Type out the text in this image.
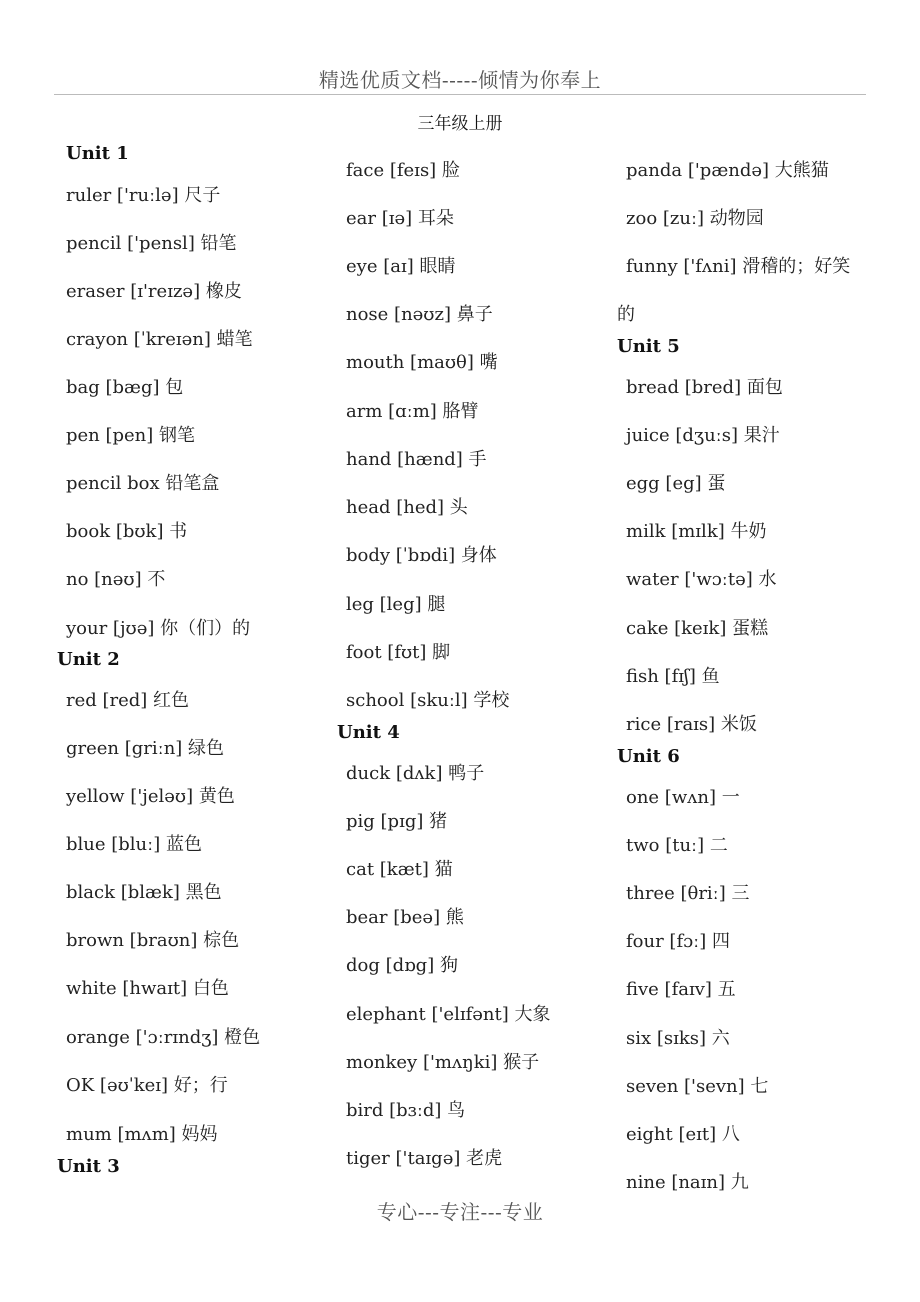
精选优质文档-----倾情为你奉上
三年级上册
Unit 1
ruler ['ruːlə] 尺子
pencil ['pensl] 铅笔
eraser [ɪ'reɪzə] 橡皮
crayon [ˈkreɪən] 蜡笔
bag [bæg] 包
pen [pen] 钢笔
pencil box 铅笔盒
book [bʊk] 书
no [nəʊ] 不
your [jʊə] 你（们）的
Unit 2
red [red] 红色
green [griːn] 绿色
yellow ['jeləʊ] 黄色
blue [bluː] 蓝色
black [blæk] 黑色
brown [braʊn] 棕色
white [hwaɪt] 白色
orange ['ɔːrɪndʒ] 橙色
OK [əʊˈkeɪ] 好；行
mum [mʌm] 妈妈
Unit 3
face [feɪs] 脸
ear [ɪə] 耳朵
eye [aɪ] 眼睛
nose [nəʊz] 鼻子
mouth [maʊθ] 嘴
arm [ɑːm] 胳臂
hand [hænd] 手
head [hed] 头
body [ˈbɒdi] 身体
leg [leg] 腿
foot [fʊt] 脚
school [skuːl] 学校
Unit 4
duck [dʌk] 鸭子
pig [pɪg] 猪
cat [kæt] 猫
bear [beə] 熊
dog [dɒg] 狗
elephant ['elɪfənt] 大象
monkey ['mʌŋki] 猴子
bird [bɜːd] 鸟
tiger ['taɪgə] 老虎
panda ['pændə] 大熊猫
zoo [zuː] 动物园
funny ['fʌni] 滑稽的；好笑
的
Unit 5
bread [bred] 面包
juice [dʒuːs] 果汁
egg [eg] 蛋
milk [mɪlk] 牛奶
water ['wɔːtə] 水
cake [keɪk] 蛋糕
fish [fɪʃ] 鱼
rice [raɪs] 米饭
Unit 6
one [wʌn] 一
two [tuː] 二
three [θriː] 三
four [fɔː] 四
five [faɪv] 五
six [sɪks] 六
seven ['sevn] 七
eight [eɪt] 八
nine [naɪn] 九
专心---专注---专业
